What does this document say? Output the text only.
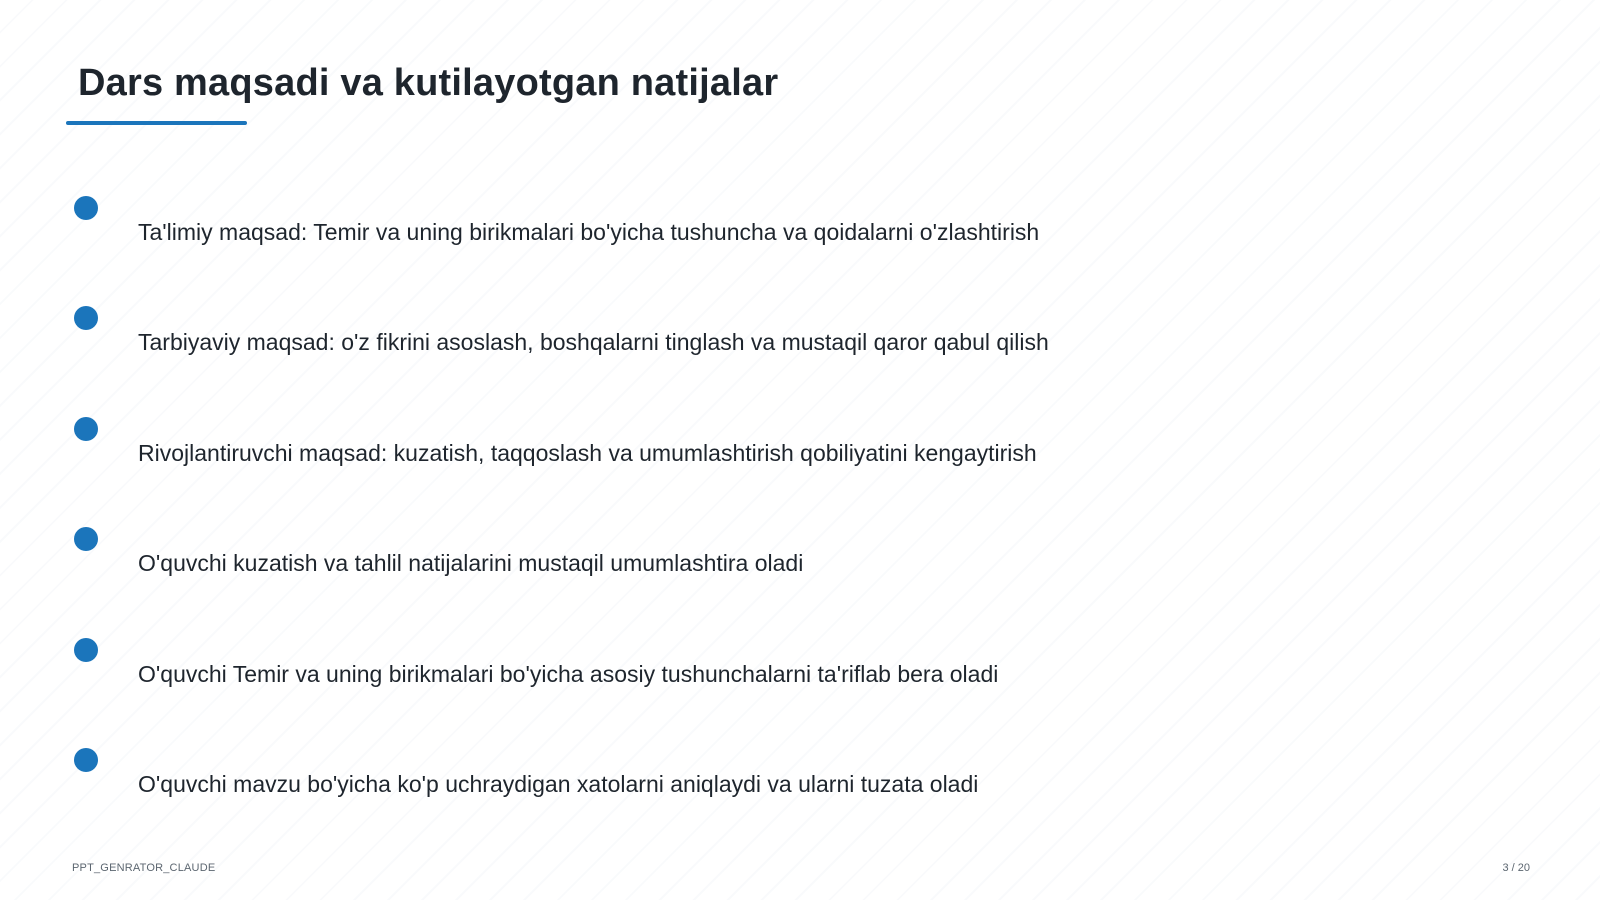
Dars maqsadi va kutilayotgan natijalar
Ta'limiy maqsad: Temir va uning birikmalari bo'yicha tushuncha va qoidalarni o'zlashtirish
Tarbiyaviy maqsad: o'z fikrini asoslash, boshqalarni tinglash va mustaqil qaror qabul qilish
Rivojlantiruvchi maqsad: kuzatish, taqqoslash va umumlashtirish qobiliyatini kengaytirish
O'quvchi kuzatish va tahlil natijalarini mustaqil umumlashtira oladi
O'quvchi Temir va uning birikmalari bo'yicha asosiy tushunchalarni ta'riflab bera oladi
O'quvchi mavzu bo'yicha ko'p uchraydigan xatolarni aniqlaydi va ularni tuzata oladi
PPT_GENRATOR_CLAUDE	3 / 20
